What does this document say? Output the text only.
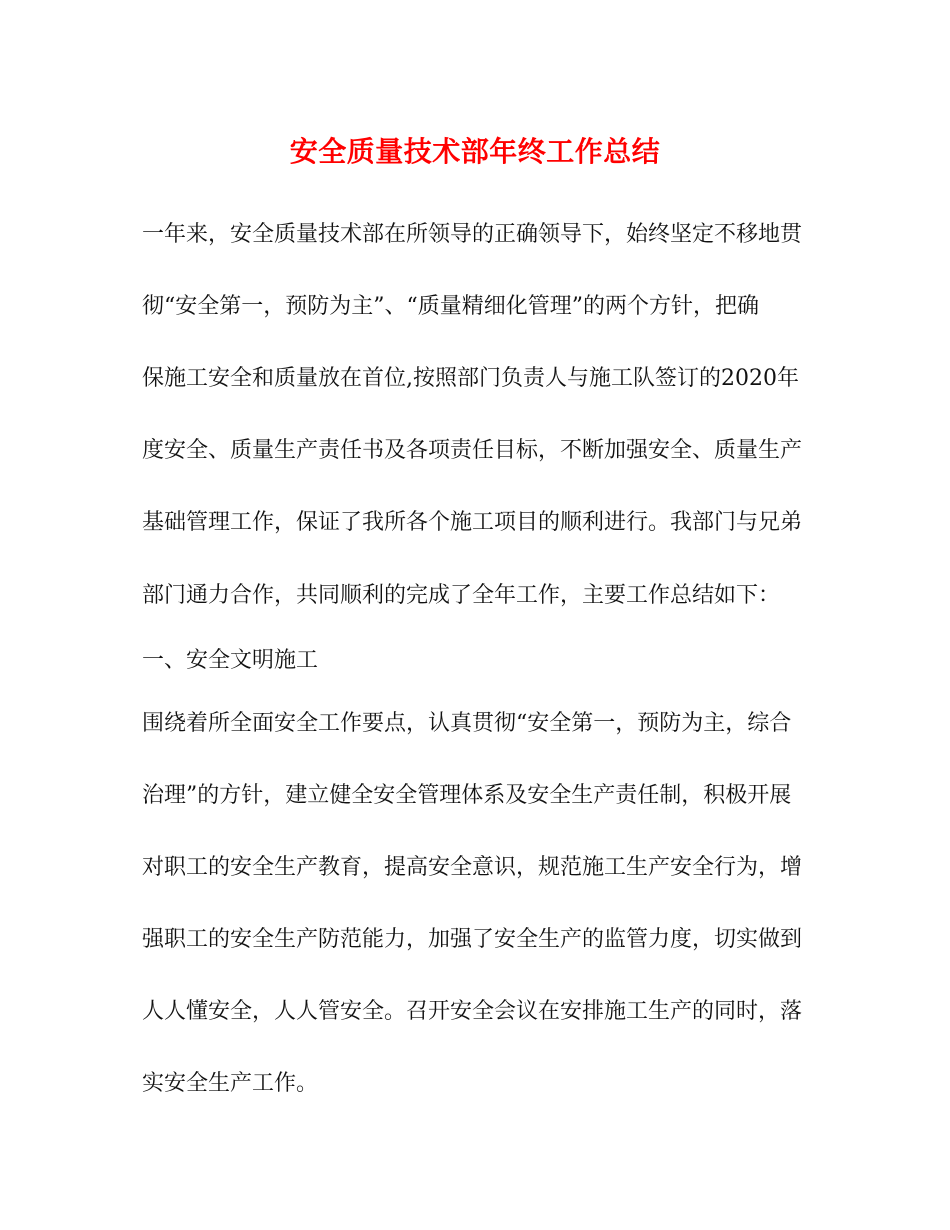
安全质量技术部年终工作总结

一年来，安全质量技术部在所领导的正确领导下，始终坚定不移地贯

彻“安全第一，预防为主”、“质量精细化管理”的两个方针，把确

保施工安全和质量放在首位,按照部门负责人与施工队签订的2020年

度安全、质量生产责任书及各项责任目标，不断加强安全、质量生产

基础管理工作，保证了我所各个施工项目的顺利进行。我部门与兄弟

部门通力合作，共同顺利的完成了全年工作，主要工作总结如下：

一、安全文明施工

围绕着所全面安全工作要点，认真贯彻“安全第一，预防为主，综合

治理”的方针，建立健全安全管理体系及安全生产责任制，积极开展

对职工的安全生产教育，提高安全意识，规范施工生产安全行为，增

强职工的安全生产防范能力，加强了安全生产的监管力度，切实做到

人人懂安全，人人管安全。召开安全会议在安排施工生产的同时，落

实安全生产工作。
